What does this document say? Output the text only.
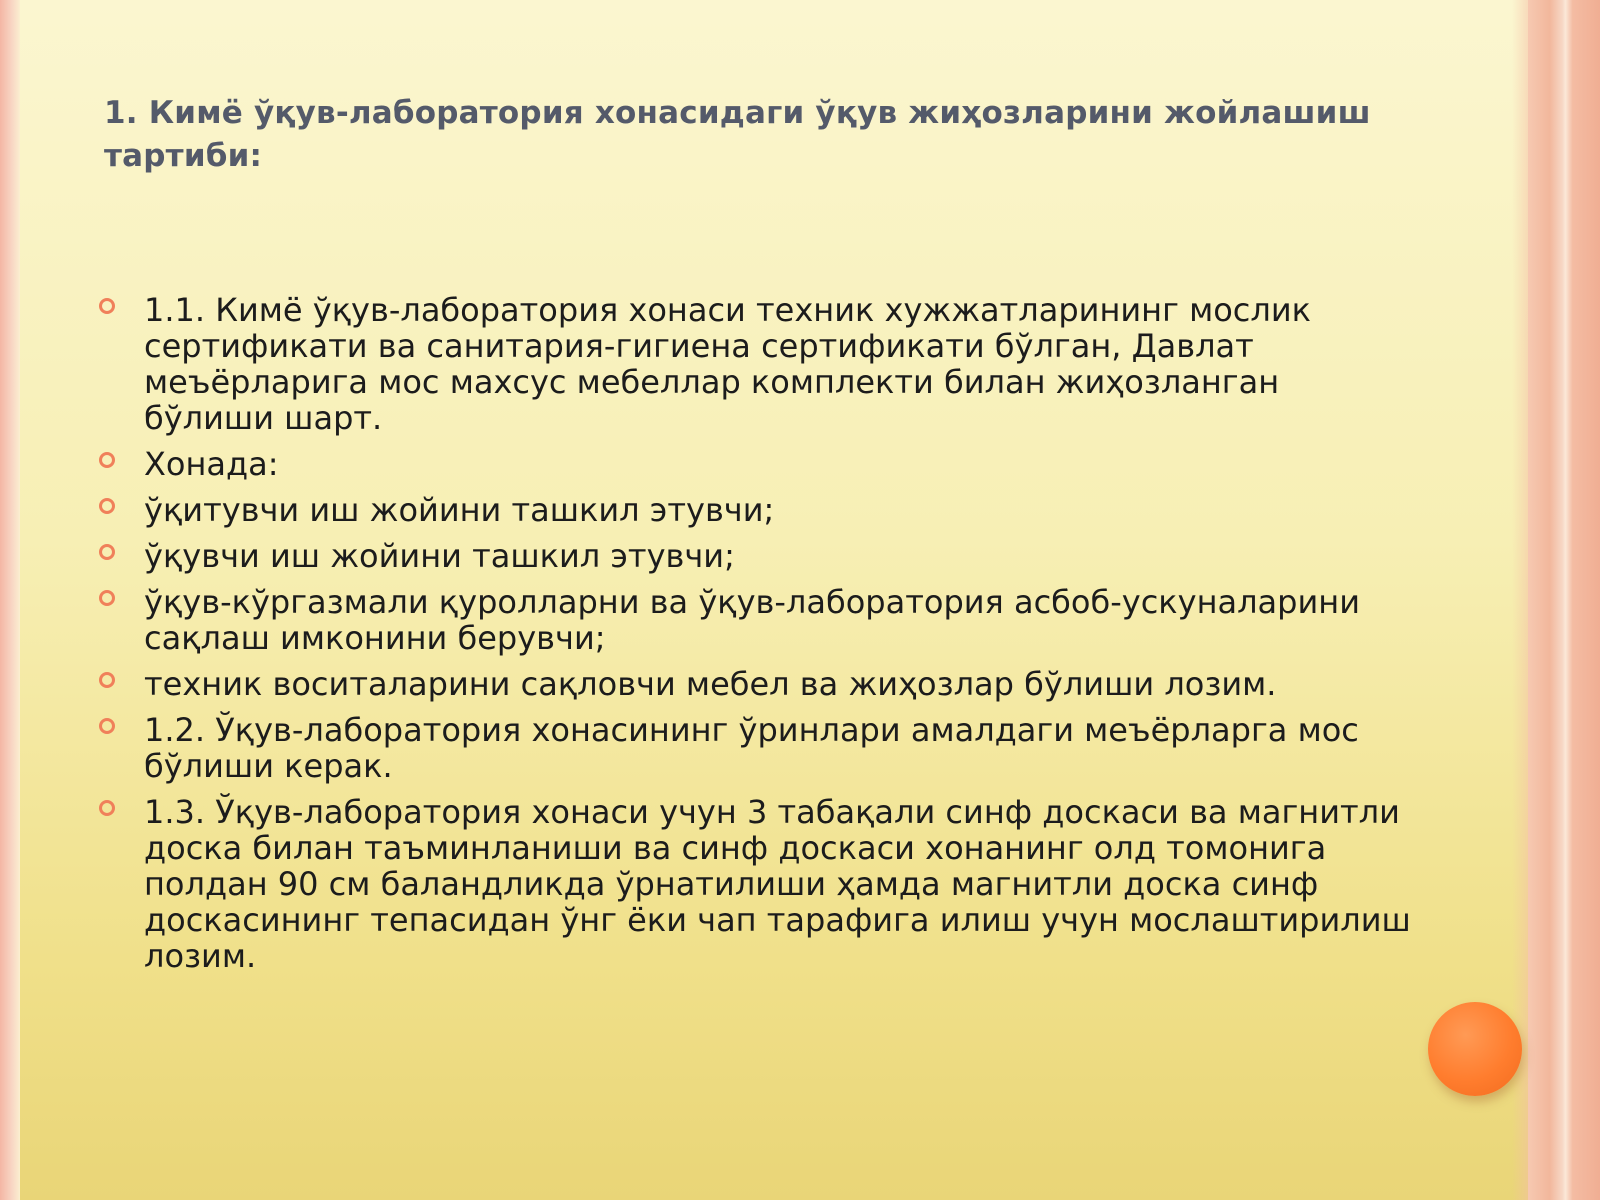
1. Кимё ўқув-лаборатория хонасидаги ўқув жиҳозларини жойлашиш тартиби:
1.1. Кимё ўқув-лаборатория хонаси техник хужжатларининг мослик сертификати ва санитария-гигиена сертификати бўлган, Давлат меъёрларига мос махсус мебеллар комплекти билан жиҳозланган бўлиши шарт.
Хонада:
ўқитувчи иш жойини ташкил этувчи;
ўқувчи иш жойини ташкил этувчи;
ўқув-кўргазмали қуролларни ва ўқув-лаборатория асбоб-ускуналарини сақлаш имконини берувчи;
техник воситаларини сақловчи мебел ва жиҳозлар бўлиши лозим.
1.2. Ўқув-лаборатория хонасининг ўринлари амалдаги меъёрларга мос бўлиши керак.
1.3. Ўқув-лаборатория хонаси учун 3 табақали синф доскаси ва магнитли доска билан таъминланиши ва синф доскаси хонанинг олд томонига полдан 90 см баландликда ўрнатилиши ҳамда магнитли доска синф доскасининг тепасидан ўнг ёки чап тарафига илиш учун мослаштирилиш лозим.
